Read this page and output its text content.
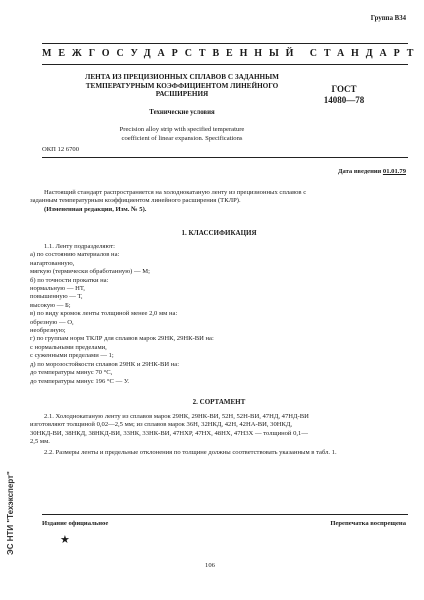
Группа В34
МЕЖГОСУДАРСТВЕННЫЙ СТАНДАРТ
ЛЕНТА ИЗ ПРЕЦИЗИОННЫХ СПЛАВОВ С ЗАДАННЫМ
ТЕМПЕРАТУРНЫМ КОЭФФИЦИЕНТОМ ЛИНЕЙНОГО
РАСШИРЕНИЯ
Технические условия
Precision alloy strip with specified temperature
coefficient of linear expansion. Specifications
ГОСТ
14080—78
ОКП 12 6700
Дата введения 01.01.79
Настоящий стандарт распространяется на холоднокатаную ленту из прецизионных сплавов с
заданным температурным коэффициентом линейного расширения (ТКЛР).
(Измененная редакция, Изм. № 5).
1. КЛАССИФИКАЦИЯ
1.1. Ленту подразделяют:
а) по состоянию материалов на:
нагартованную,
мягкую (термически обработанную) — М;
б) по точности прокатки на:
нормальную — НТ,
повышенную — Т,
высокую — Б;
в) по виду кромок ленты толщиной менее 2,0 мм на:
обрезную — О,
необрезную;
г) по группам норм ТКЛР для сплавов марок 29НК, 29НК-ВИ на:
с нормальными пределами,
с суженными пределами — 1;
д) по морозостойкости сплавов 29НК и 29НК-ВИ на:
до температуры минус 70 °С,
до температуры минус 196 °С — У.
2. СОРТАМЕНТ
2.1. Холоднокатаную ленту из сплавов марок 29НК, 29НК-ВИ, 52Н, 52Н-ВИ, 47НД, 47НД-ВИ
изготовляют толщиной 0,02—2,5 мм; из сплавов марок 36Н, 32НКД, 42Н, 42НА-ВИ, 30НКД,
30НКД-ВИ, 38НКД, 38НКД-ВИ, 33НК, 33НК-ВИ, 47НХР, 47НХ, 48НХ, 47Н3Х — толщиной 0,1—
2,5 мм.
2.2. Размеры ленты и предельные отклонения по толщине должны соответствовать указанным в табл. 1.
Издание официальное	Перепечатка воспрещена
★
106
ЭС НТИ "Техэксперт"
